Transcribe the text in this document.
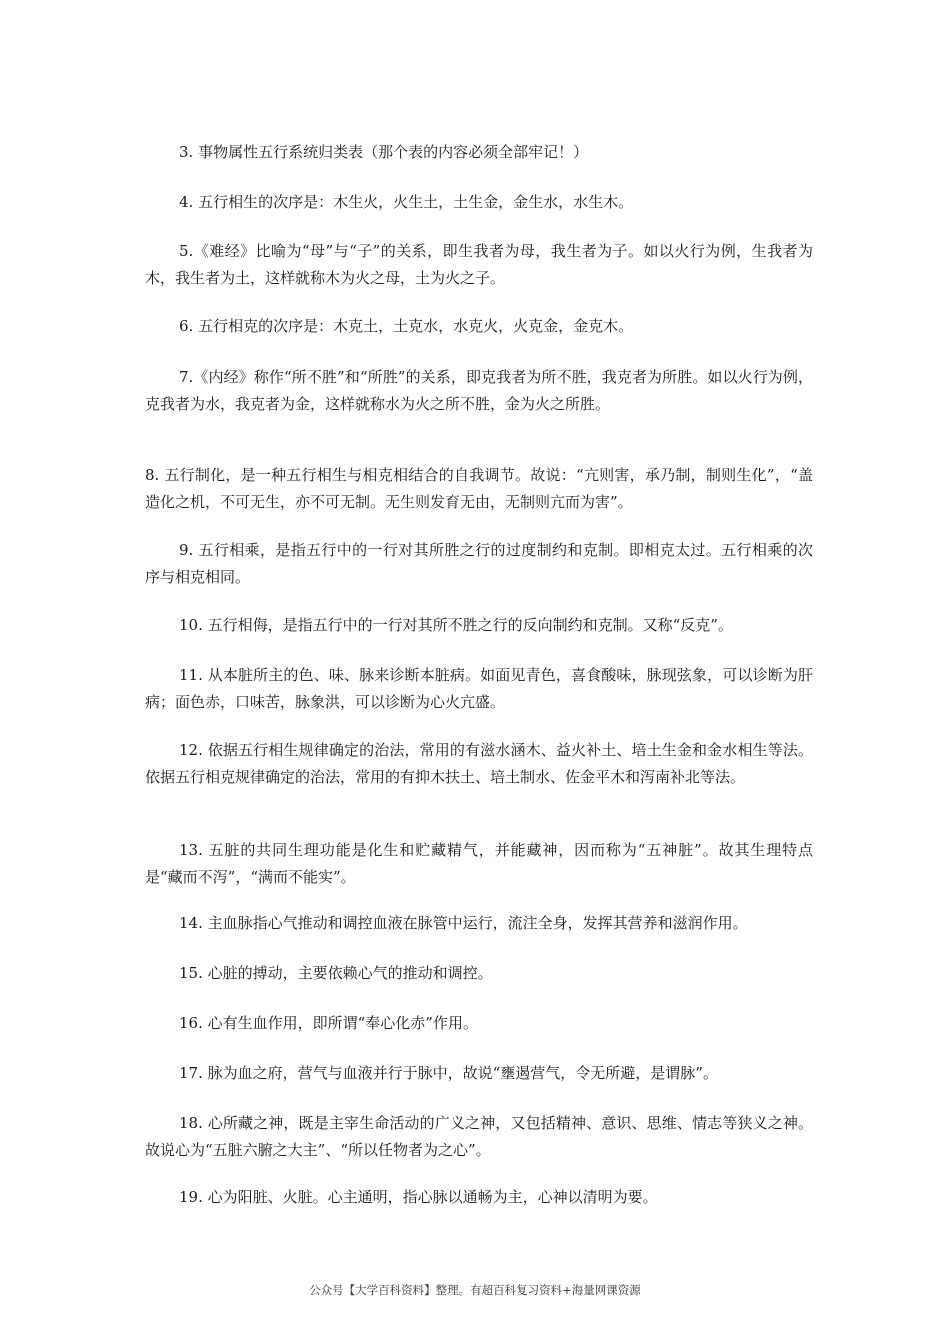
3. 事物属性五行系统归类表（那个表的内容必须全部牢记！）

4. 五行相生的次序是：木生火，火生土，土生金，金生水，水生木。

5.《难经》比喻为“母”与“子”的关系，即生我者为母，我生者为子。如以火行为例，生我者为木，我生者为土，这样就称木为火之母，土为火之子。

6. 五行相克的次序是：木克土，土克水，水克火，火克金，金克木。

7.《内经》称作“所不胜”和“所胜”的关系，即克我者为所不胜，我克者为所胜。如以火行为例，克我者为水，我克者为金，这样就称水为火之所不胜，金为火之所胜。

8. 五行制化，是一种五行相生与相克相结合的自我调节。故说：“亢则害，承乃制，制则生化”，“盖造化之机，不可无生，亦不可无制。无生则发育无由，无制则亢而为害”。

9. 五行相乘，是指五行中的一行对其所胜之行的过度制约和克制。即相克太过。五行相乘的次序与相克相同。

10. 五行相侮，是指五行中的一行对其所不胜之行的反向制约和克制。又称“反克”。

11. 从本脏所主的色、味、脉来诊断本脏病。如面见青色，喜食酸味，脉现弦象，可以诊断为肝病；面色赤，口味苦，脉象洪，可以诊断为心火亢盛。

12. 依据五行相生规律确定的治法，常用的有滋水涵木、益火补土、培土生金和金水相生等法。依据五行相克规律确定的治法，常用的有抑木扶土、培土制水、佐金平木和泻南补北等法。

13. 五脏的共同生理功能是化生和贮藏精气，并能藏神，因而称为“五神脏”。故其生理特点是“藏而不泻”，“满而不能实”。

14. 主血脉指心气推动和调控血液在脉管中运行，流注全身，发挥其营养和滋润作用。

15. 心脏的搏动，主要依赖心气的推动和调控。

16. 心有生血作用，即所谓“奉心化赤”作用。

17. 脉为血之府，营气与血液并行于脉中，故说“壅遏营气，令无所避，是谓脉”。

18. 心所藏之神，既是主宰生命活动的广义之神，又包括精神、意识、思维、情志等狭义之神。故说心为“五脏六腑之大主”、“所以任物者为之心”。

19. 心为阳脏、火脏。心主通明，指心脉以通畅为主，心神以清明为要。

公众号【大学百科资料】整理。有超百科复习资料+海量网课资源
